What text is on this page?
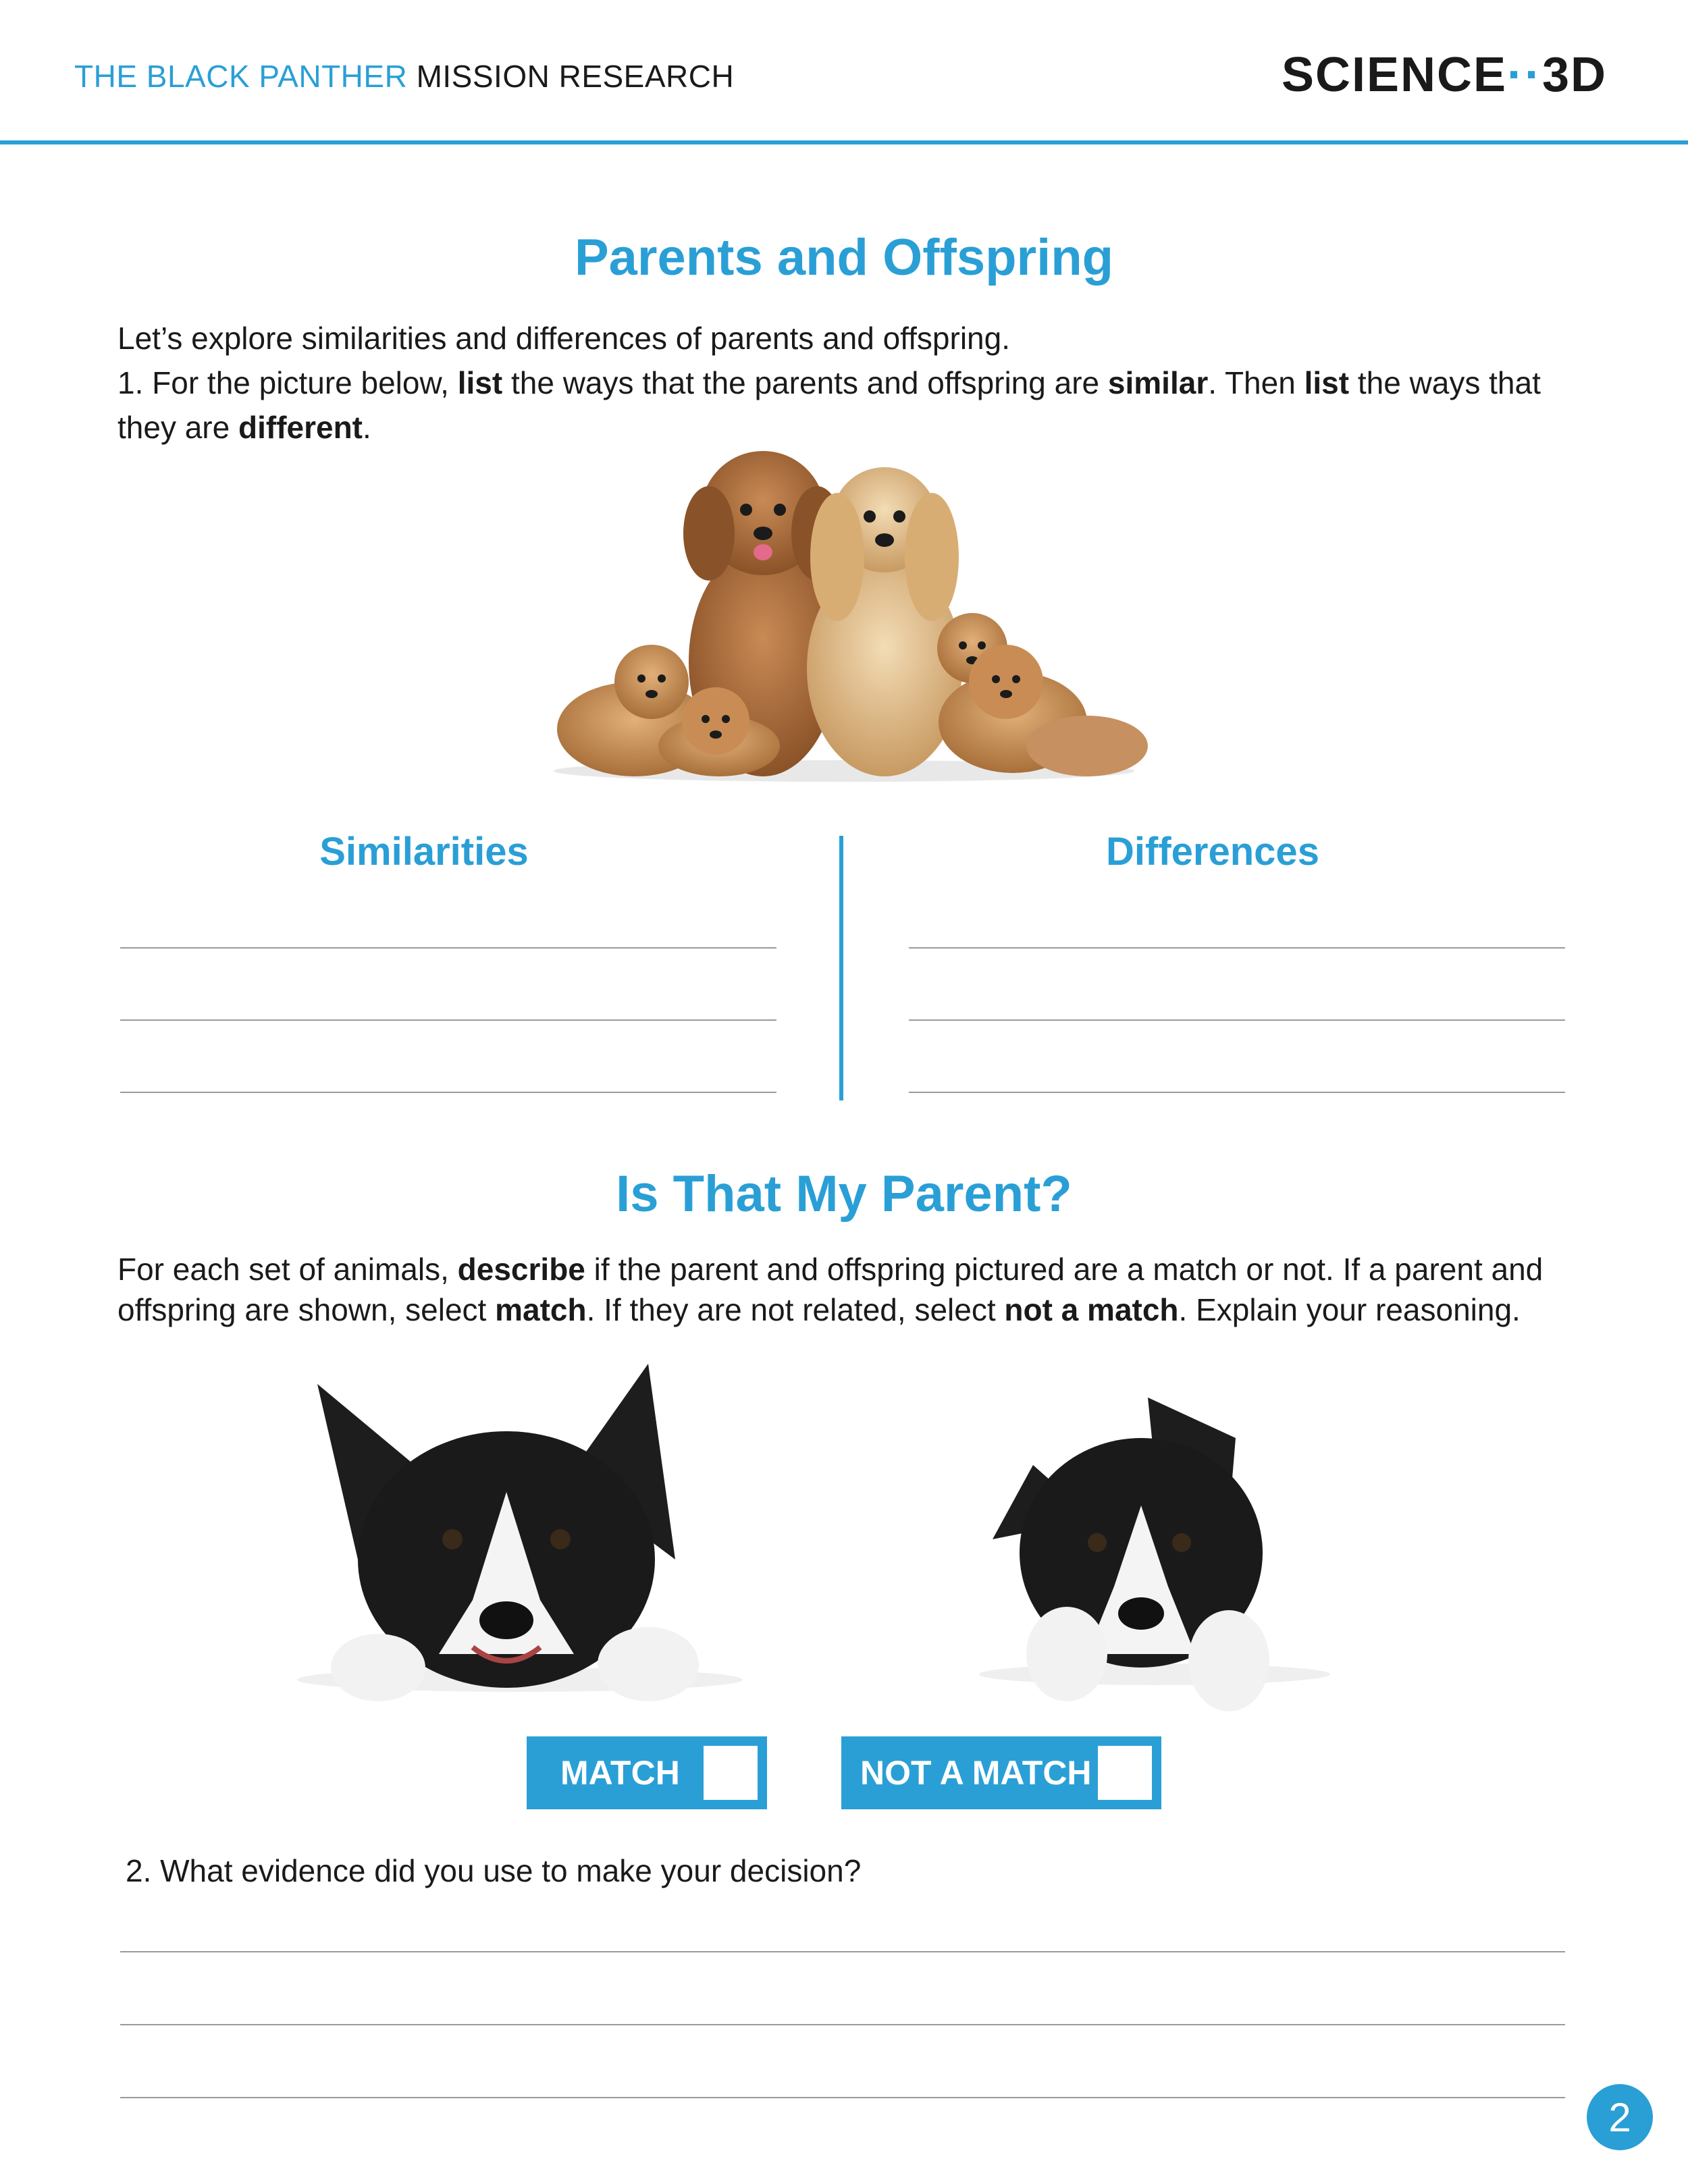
THE BLACK PANTHER MISSION RESEARCH	SCIENCE··3D
Parents and Offspring
Let’s explore similarities and differences of parents and offspring.
1. For the picture below, list the ways that the parents and offspring are similar. Then list the ways that they are different.
Similarities	Differences
Is That My Parent?
For each set of animals, describe if the parent and offspring pictured are a match or not. If a parent and offspring are shown, select match. If they are not related, select not a match. Explain your reasoning.
MATCH	NOT A MATCH
2. What evidence did you use to make your decision?
2
